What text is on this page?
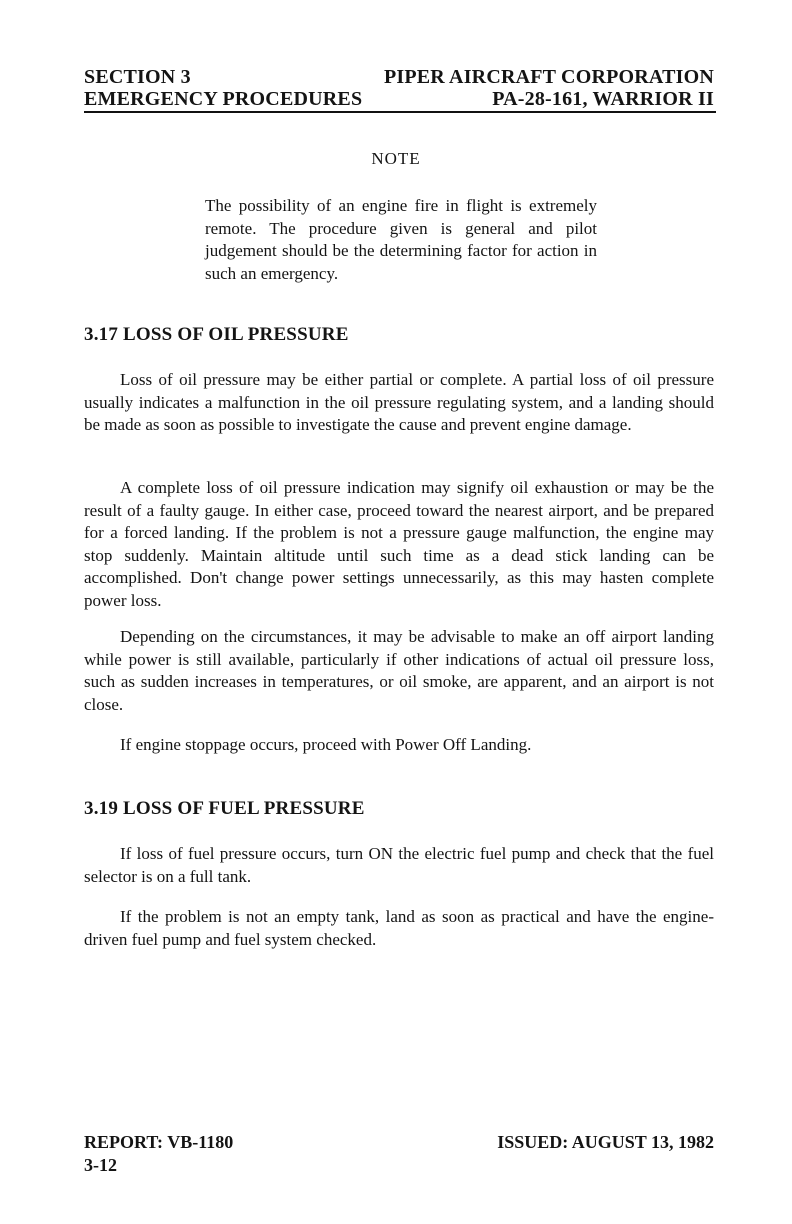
SECTION 3
EMERGENCY PROCEDURES
PIPER AIRCRAFT CORPORATION
PA-28-161, WARRIOR II
NOTE
The possibility of an engine fire in flight is extremely remote. The procedure given is general and pilot judgement should be the determining factor for action in such an emergency.
3.17 LOSS OF OIL PRESSURE
Loss of oil pressure may be either partial or complete. A partial loss of oil pressure usually indicates a malfunction in the oil pressure regulating system, and a landing should be made as soon as possible to investigate the cause and prevent engine damage.
A complete loss of oil pressure indication may signify oil exhaustion or may be the result of a faulty gauge. In either case, proceed toward the nearest airport, and be prepared for a forced landing. If the problem is not a pressure gauge malfunction, the engine may stop suddenly. Maintain altitude until such time as a dead stick landing can be accomplished. Don't change power settings unnecessarily, as this may hasten complete power loss.
Depending on the circumstances, it may be advisable to make an off airport landing while power is still available, particularly if other indications of actual oil pressure loss, such as sudden increases in temperatures, or oil smoke, are apparent, and an airport is not close.
If engine stoppage occurs, proceed with Power Off Landing.
3.19 LOSS OF FUEL PRESSURE
If loss of fuel pressure occurs, turn ON the electric fuel pump and check that the fuel selector is on a full tank.
If the problem is not an empty tank, land as soon as practical and have the engine-driven fuel pump and fuel system checked.
REPORT: VB-1180
3-12
ISSUED: AUGUST 13, 1982
